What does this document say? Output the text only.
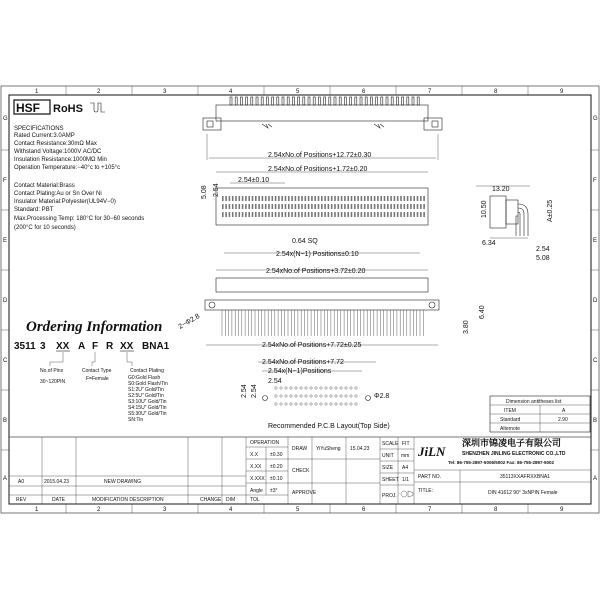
1	2	3	4	5	6	7	8	9
1	2	3	4	5	6	7	8	9
G
F
E
D
C
B
A
G
F
E
D
C
B
A
HSF RoHS
SPECIFICATIONS
Rated Current:3.0AMP
Contact Resistance:30mΩ Max
Withstand Voltage:1000V AC/DC
Insulation Resistance:1000MΩ Min
Operation Temperature:−40°c to +105°c
Contact Material:Brass
Contact Plating:Au or Sn Over Ni
Insulator Material:Polyester(UL94V−0)
Standard: PBT
Max.Processing Temp: 180°C for 30−60 seconds
(200°C for 10 seconds)
Ordering Information
3511 3 XX A F R XX BNA1
No.of Pins
30~120PIN
Contact Type
F=Female
Contact Plating
G0:Gold Flash
S0:Gold Flash/Tin
S1:2U" Gold/Tin
S2:5U" Gold/Tin
S3:10U" Gold/Tin
S4:15U" Gold/Tin
S5:30U" Gold/Tin
SN:Tin
2.54xNo.of Positions+12.72±0.30
2.54xNo.of Positions+1.72±0.20
2.54±0.10
5.08 2.54
0.64 SQ
2.54x(N−1) Positions±0.10
13.20
A±0.25
10.50
6.34
2.54
5.08
2.54xNo.of Positions+3.72±0.20
2−Φ2.8	3.80
6.40
2.54xNo.of Positions+7.72±0.25
2.54xNo.of Positions+7.72
2.54x(N−1)Positions
2.54
2.54 2.54	Φ2.8
Recommended P.C.B Layout(Top Side)
Dimension antitheses list
ITEM	A
Standard	2.90
Alternote
A0	2015.04.23	NEW DRAWING
REV	DATE	MODIFICATION DESCRIPTION	CHANGE DIM	TOL
OPERATION
X.X ±0.30
X.XX ±0.20
X.XXX ±0.10
Angle ±3°
DRAW YiYuSheng 15.04.23
CHECK
APPROVE
SCALE FIT
UNIT mm
SIZE A4
SHEET 1/1
PROJ.
JiLN
深圳市锦凌电子有限公司
SHENZHEN JINLING ELECTRONIC CO.,LTD
Tel: 86-755-2897-5006/5002 Fax: 86-755-2897-5002
PART NO.	35113XXAFRXXBNA1
TITLE:	DIN 41612 90° 3xNPIN Female
